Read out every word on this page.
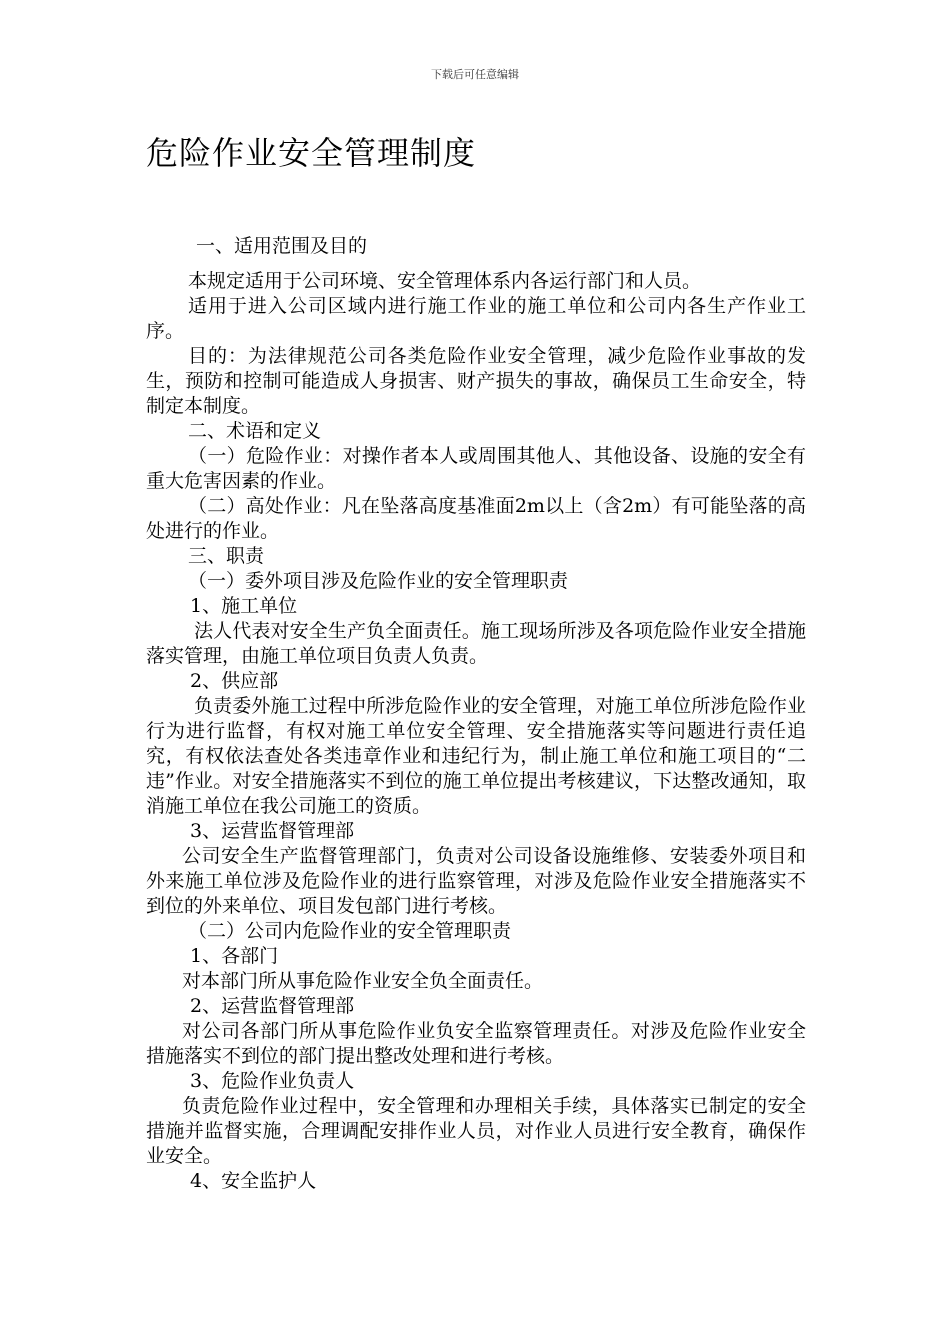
下载后可任意编辑
危险作业安全管理制度

一、适用范围及目的

本规定适用于公司环境、安全管理体系内各运行部门和人员。

适用于进入公司区域内进行施工作业的施工单位和公司内各生产作业工序。

目的：为法律规范公司各类危险作业安全管理，减少危险作业事故的发生，预防和控制可能造成人身损害、财产损失的事故，确保员工生命安全，特制定本制度。

二、术语和定义

（一）危险作业：对操作者本人或周围其他人、其他设备、设施的安全有重大危害因素的作业。

（二）高处作业：凡在坠落高度基准面2m以上（含2m）有可能坠落的高处进行的作业。

三、职责

（一）委外项目涉及危险作业的安全管理职责

1、施工单位

法人代表对安全生产负全面责任。施工现场所涉及各项危险作业安全措施落实管理，由施工单位项目负责人负责。

2、供应部

负责委外施工过程中所涉危险作业的安全管理，对施工单位所涉危险作业行为进行监督，有权对施工单位安全管理、安全措施落实等问题进行责任追究，有权依法查处各类违章作业和违纪行为，制止施工单位和施工项目的“二违”作业。对安全措施落实不到位的施工单位提出考核建议，下达整改通知，取消施工单位在我公司施工的资质。

3、运营监督管理部

公司安全生产监督管理部门，负责对公司设备设施维修、安装委外项目和外来施工单位涉及危险作业的进行监察管理，对涉及危险作业安全措施落实不到位的外来单位、项目发包部门进行考核。

（二）公司内危险作业的安全管理职责

1、各部门

对本部门所从事危险作业安全负全面责任。

2、运营监督管理部

对公司各部门所从事危险作业负安全监察管理责任。对涉及危险作业安全措施落实不到位的部门提出整改处理和进行考核。

3、危险作业负责人

负责危险作业过程中，安全管理和办理相关手续，具体落实已制定的安全措施并监督实施，合理调配安排作业人员，对作业人员进行安全教育，确保作业安全。

4、安全监护人
